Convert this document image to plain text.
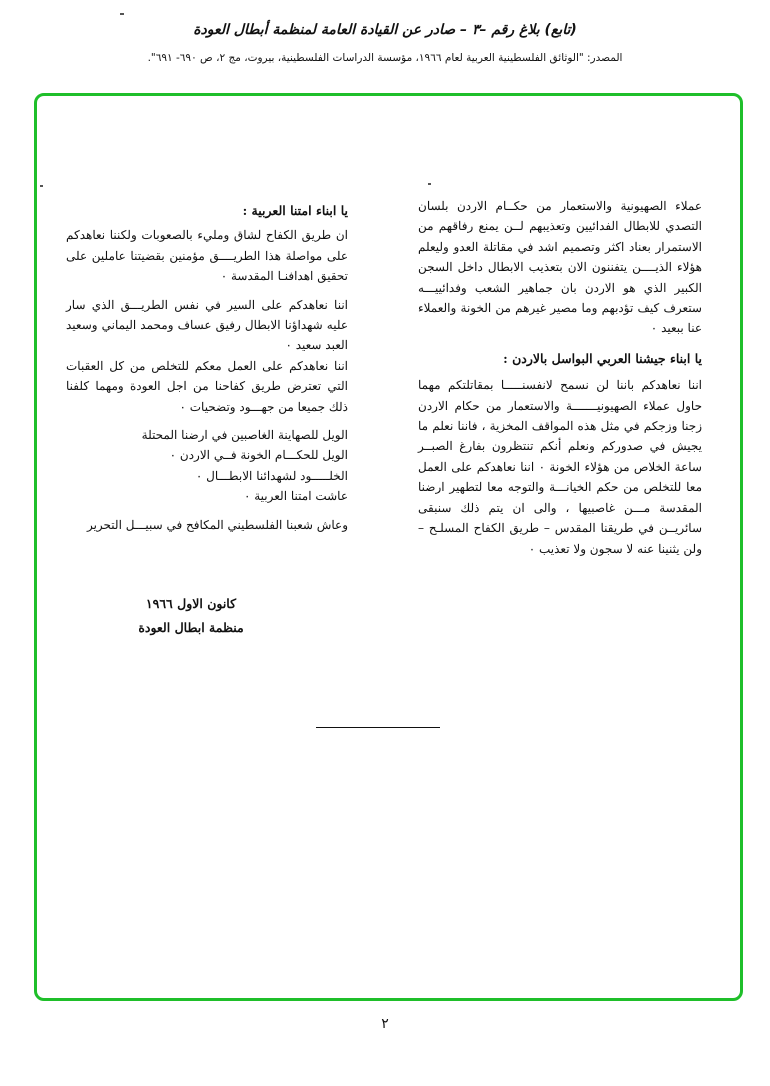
(تابع) بلاغ رقم –٣ – صادر عن القيادة العامة لمنظمة أبطال العودة
المصدر: "الوثائق الفلسطينية العربية لعام ١٩٦٦، مؤسسة الدراسات الفلسطينية، بيروت، مج ٢، ص ٦٩٠- ٦٩١".

عملاء الصهيونية والاستعمار من حكــام الاردن بلسان التصدي للابطال الفدائيين وتعذيبهم لــن يمنع رفاقهم من الاستمرار بعناد اكثر وتصميم اشد في مقاتلة العدو وليعلم هؤلاء الذيــــن يتفننون الان بتعذيب الابطال داخل السجن الكبير الذي هو الاردن بان جماهير الشعب وفدائييـــه ستعرف كيف تؤدبهم وما مصير غيرهم من الخونة والعملاء عنا ببعيد ٠

يا ابناء جيشنا العربي البواسل بالاردن :

اننا نعاهدكم باننا لن نسمح لانفسنـــــا بمقاتلتكم مهما حاول عملاء الصهيونيـــــــة والاستعمار من حكام الاردن زجنا وزجكم في مثل هذه المواقف المخزية ، فاننا نعلم ما يجيش في صدوركم ونعلم أنكم تنتظرون بفارغ الصبــر ساعة الخلاص من هؤلاء الخونة ٠ اننا نعاهدكم على العمل معا للتخلص من حكم الخيانـــة والتوجه معا لتطهير ارضنا المقدسة مـــن غاصبيها ، والى ان يتم ذلك سنبقى سائريــن في طريقنا المقدس – طريق الكفاح المسلـح – ولن يثنينا عنه لا سجون ولا تعذيب ٠

يا ابناء امتنا العربية :

ان طريق الكفاح لشاق ومليء بالصعوبات ولكننا نعاهدكم على مواصلة هذا الطريــــق مؤمنين بقضيتنا عاملين على تحقيق اهدافنـا المقدسة ٠

اننا نعاهدكم على السير في نفس الطريـــق الذي سار عليه شهداؤنا الابطال رفيق عساف ومحمد اليماني وسعيد العبد سعيد ٠

اننا نعاهدكم على العمل معكم للتخلص من كل العقبات التي تعترض طريق كفاحنا من اجل العودة ومهما كلفنا ذلك جميعا من جهـــود وتضحيات ٠

الويل للصهاينة الغاصبين في ارضنا المحتلة

الويل للحكـــام الخونة فــي الاردن ٠

الخلـــــود لشهدائنا الابطـــال ٠

عاشت امتنا العربية ٠

وعاش شعبنا الفلسطيني المكافح في سبيـــل التحرير

كانون الاول ١٩٦٦
منظمة ابطال العودة
٢
